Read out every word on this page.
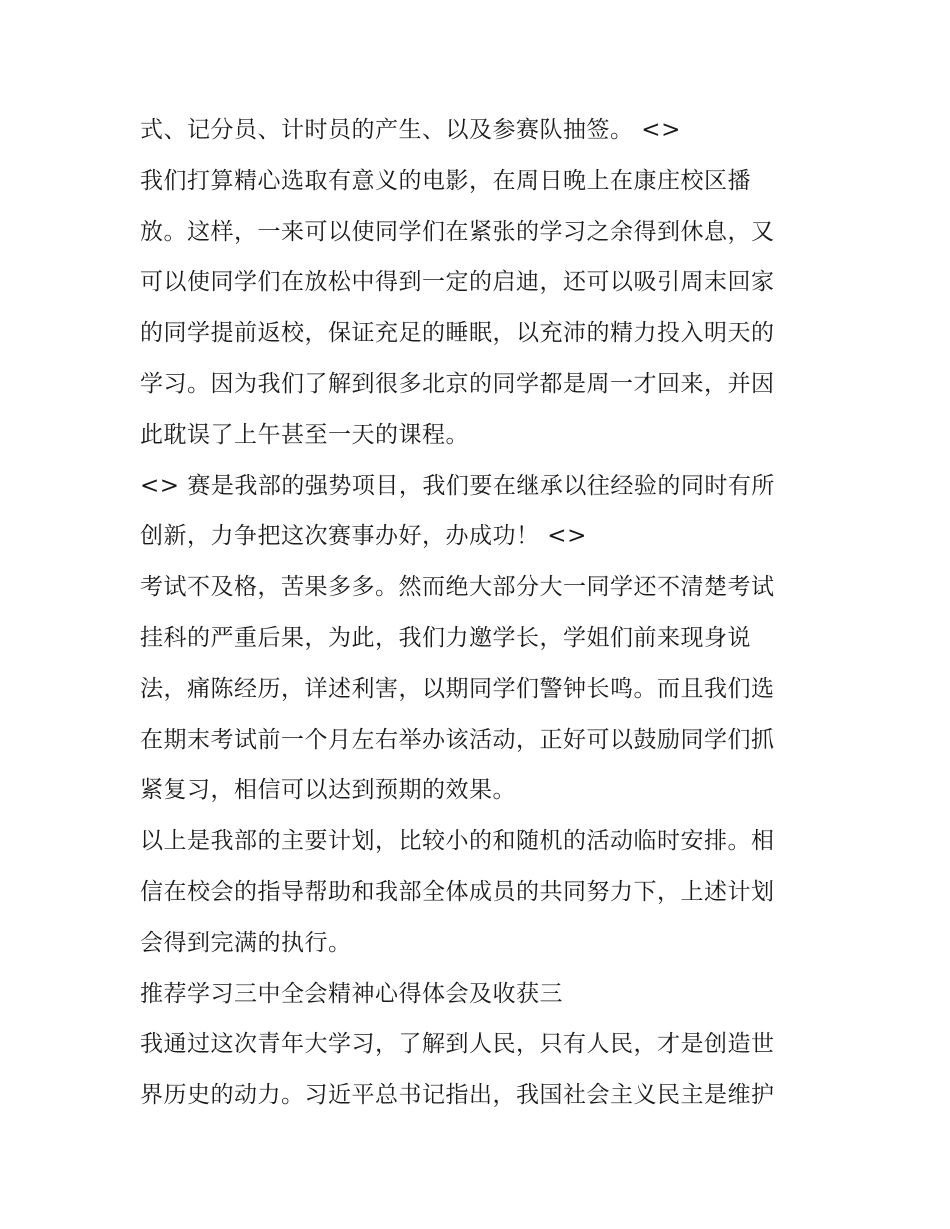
式、记分员、计时员的产生、以及参赛队抽签。 <>
我们打算精心选取有意义的电影，在周日晚上在康庄校区播
放。这样，一来可以使同学们在紧张的学习之余得到休息，又
可以使同学们在放松中得到一定的启迪，还可以吸引周末回家
的同学提前返校，保证充足的睡眠，以充沛的精力投入明天的
学习。因为我们了解到很多北京的同学都是周一才回来，并因
此耽误了上午甚至一天的课程。
<> 赛是我部的强势项目，我们要在继承以往经验的同时有所
创新，力争把这次赛事办好，办成功！ <>
考试不及格，苦果多多。然而绝大部分大一同学还不清楚考试
挂科的严重后果，为此，我们力邀学长，学姐们前来现身说
法，痛陈经历，详述利害，以期同学们警钟长鸣。而且我们选
在期末考试前一个月左右举办该活动，正好可以鼓励同学们抓
紧复习，相信可以达到预期的效果。
以上是我部的主要计划，比较小的和随机的活动临时安排。相
信在校会的指导帮助和我部全体成员的共同努力下，上述计划
会得到完满的执行。
推荐学习三中全会精神心得体会及收获三
我通过这次青年大学习，了解到人民，只有人民，才是创造世
界历史的动力。习近平总书记指出，我国社会主义民主是维护
